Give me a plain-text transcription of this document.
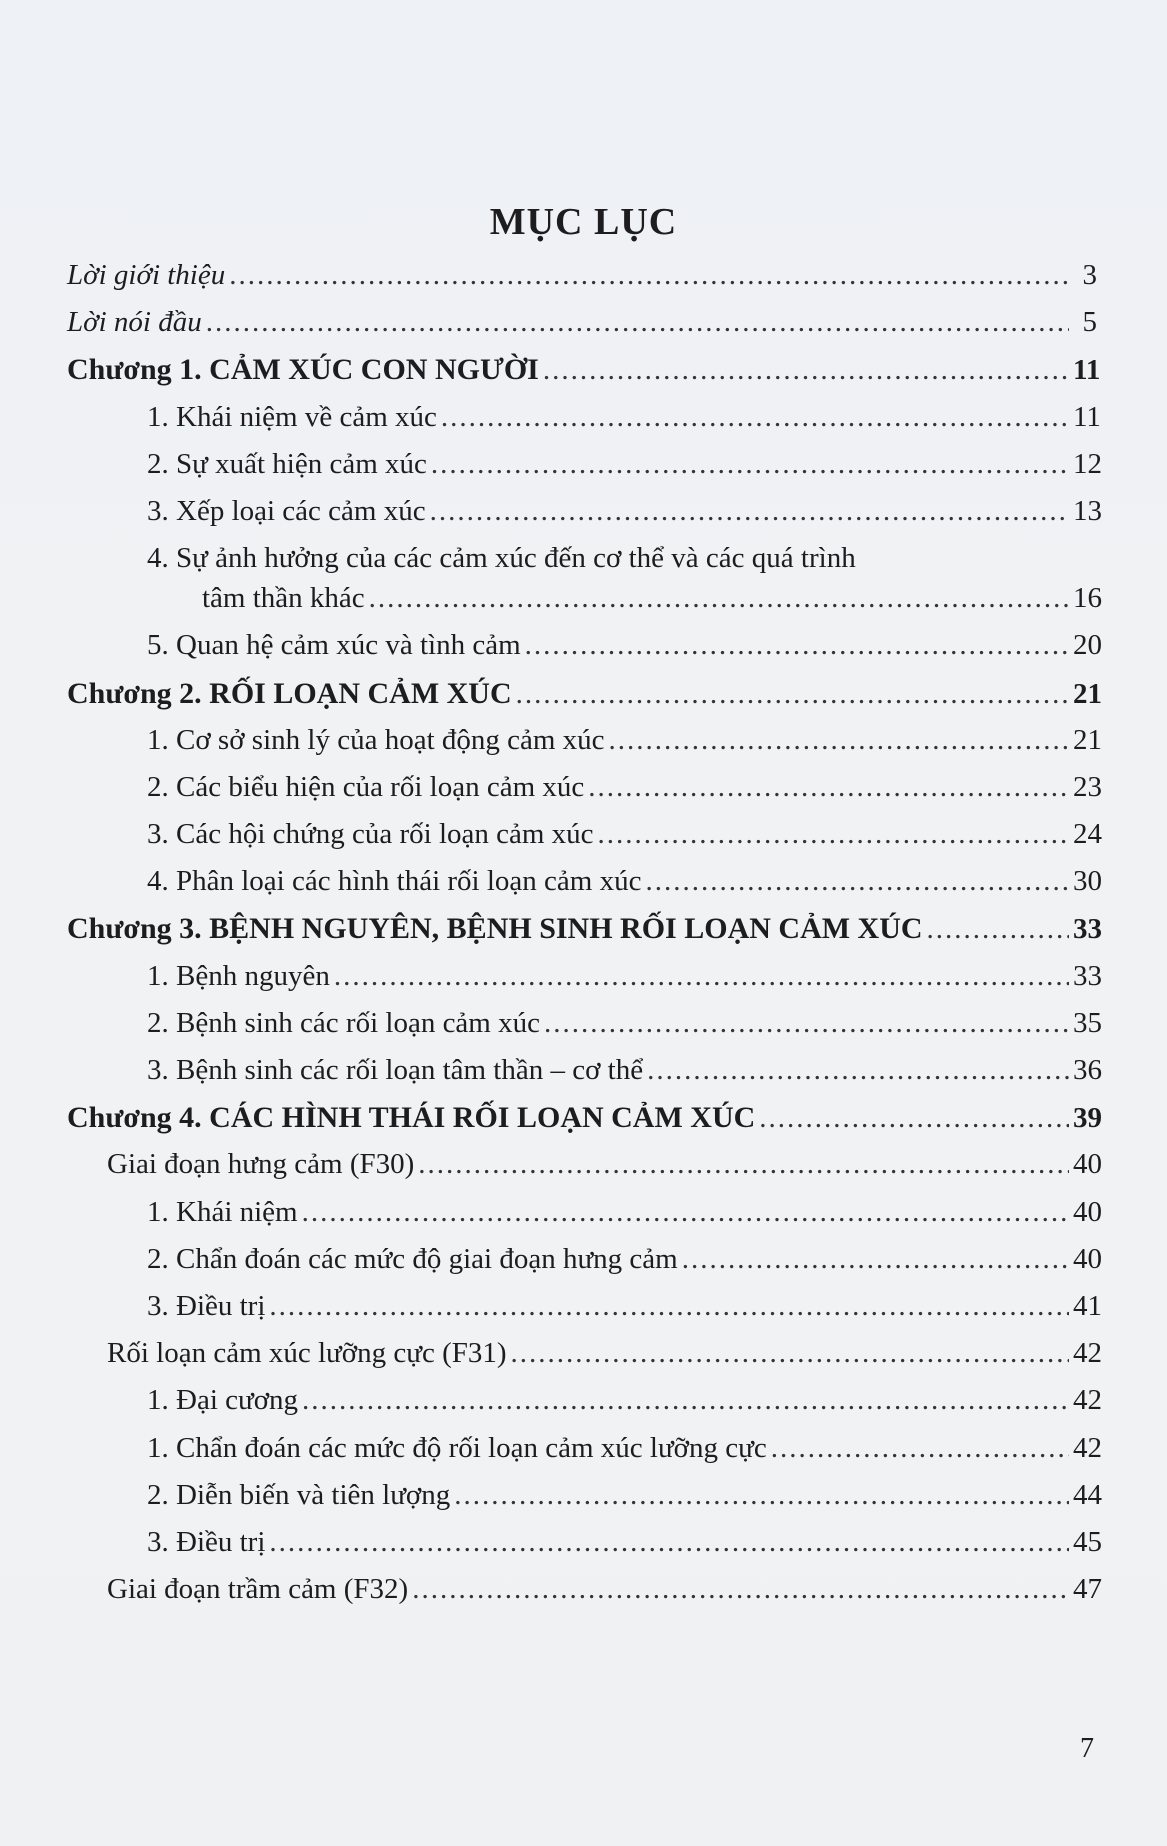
MỤC LỤC
Lời giới thiệu .....	3
Lời nói đầu .....	5
Chương 1. CẢM XÚC CON NGƯỜI .....	11
1. Khái niệm về cảm xúc .....	11
2. Sự xuất hiện cảm xúc .....	12
3. Xếp loại các cảm xúc .....	13
4. Sự ảnh hưởng của các cảm xúc đến cơ thể và các quá trình
tâm thần khác .....	16
5. Quan hệ cảm xúc và tình cảm .....	20
Chương 2. RỐI LOẠN CẢM XÚC .....	21
1. Cơ sở sinh lý của hoạt động cảm xúc .....	21
2. Các biểu hiện của rối loạn cảm xúc .....	23
3. Các hội chứng của rối loạn cảm xúc .....	24
4. Phân loại các hình thái rối loạn cảm xúc .....	30
Chương 3. BỆNH NGUYÊN, BỆNH SINH RỐI LOẠN CẢM XÚC .....	33
1. Bệnh nguyên .....	33
2. Bệnh sinh các rối loạn cảm xúc .....	35
3. Bệnh sinh các rối loạn tâm thần – cơ thể .....	36
Chương 4. CÁC HÌNH THÁI RỐI LOẠN CẢM XÚC .....	39
Giai đoạn hưng cảm (F30) .....	40
1. Khái niệm .....	40
2. Chẩn đoán các mức độ giai đoạn hưng cảm .....	40
3. Điều trị .....	41
Rối loạn cảm xúc lưỡng cực (F31) .....	42
1. Đại cương .....	42
1. Chẩn đoán các mức độ rối loạn cảm xúc lưỡng cực .....	42
2. Diễn biến và tiên lượng .....	44
3. Điều trị .....	45
Giai đoạn trầm cảm (F32) .....	47
7
